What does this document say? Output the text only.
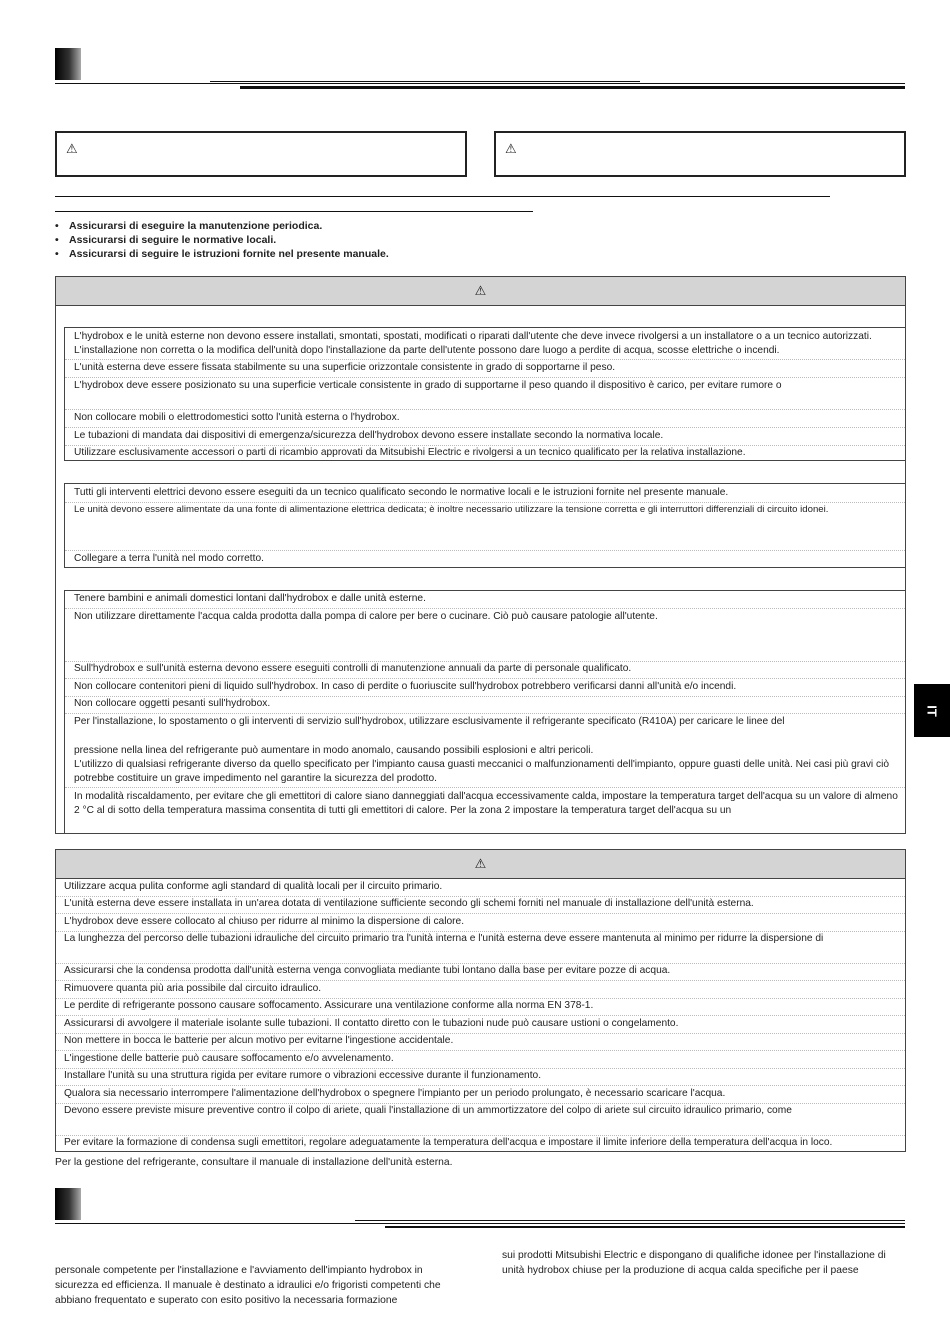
⚠	⚠
• Assicurarsi di eseguire la manutenzione periodica.
• Assicurarsi di seguire le normative locali.
• Assicurarsi di seguire le istruzioni fornite nel presente manuale.
⚠
L'hydrobox e le unità esterne non devono essere installati, smontati, spostati, modificati o riparati dall'utente che deve invece rivolgersi a un installatore o a un tecnico autorizzati. L'installazione non corretta o la modifica dell'unità dopo l'installazione da parte dell'utente possono dare luogo a perdite di acqua, scosse elettriche o incendi.
L'unità esterna deve essere fissata stabilmente su una superficie orizzontale consistente in grado di sopportarne il peso.
L'hydrobox deve essere posizionato su una superficie verticale consistente in grado di supportarne il peso quando il dispositivo è carico, per evitare rumore o
Non collocare mobili o elettrodomestici sotto l'unità esterna o l'hydrobox.
Le tubazioni di mandata dai dispositivi di emergenza/sicurezza dell'hydrobox devono essere installate secondo la normativa locale.
Utilizzare esclusivamente accessori o parti di ricambio approvati da Mitsubishi Electric e rivolgersi a un tecnico qualificato per la relativa installazione.
Tutti gli interventi elettrici devono essere eseguiti da un tecnico qualificato secondo le normative locali e le istruzioni fornite nel presente manuale.
Le unità devono essere alimentate da una fonte di alimentazione elettrica dedicata; è inoltre necessario utilizzare la tensione corretta e gli interruttori differenziali di circuito idonei.
Collegare a terra l'unità nel modo corretto.
Tenere bambini e animali domestici lontani dall'hydrobox e dalle unità esterne.
Non utilizzare direttamente l'acqua calda prodotta dalla pompa di calore per bere o cucinare. Ciò può causare patologie all'utente.
Sull'hydrobox e sull'unità esterna devono essere eseguiti controlli di manutenzione annuali da parte di personale qualificato.
Non collocare contenitori pieni di liquido sull'hydrobox. In caso di perdite o fuoriuscite sull'hydrobox potrebbero verificarsi danni all'unità e/o incendi.
Non collocare oggetti pesanti sull'hydrobox.
Per l'installazione, lo spostamento o gli interventi di servizio sull'hydrobox, utilizzare esclusivamente il refrigerante specificato (R410A) per caricare le linee del
pressione nella linea del refrigerante può aumentare in modo anomalo, causando possibili esplosioni e altri pericoli.
L'utilizzo di qualsiasi refrigerante diverso da quello specificato per l'impianto causa guasti meccanici o malfunzionamenti dell'impianto, oppure guasti delle unità. Nei casi più gravi ciò potrebbe costituire un grave impedimento nel garantire la sicurezza del prodotto.
In modalità riscaldamento, per evitare che gli emettitori di calore siano danneggiati dall'acqua eccessivamente calda, impostare la temperatura target dell'acqua su un valore di almeno 2 °C al di sotto della temperatura massima consentita di tutti gli emettitori di calore. Per la zona 2 impostare la temperatura target dell'acqua su un
Utilizzare acqua pulita conforme agli standard di qualità locali per il circuito primario.
L'unità esterna deve essere installata in un'area dotata di ventilazione sufficiente secondo gli schemi forniti nel manuale di installazione dell'unità esterna.
L'hydrobox deve essere collocato al chiuso per ridurre al minimo la dispersione di calore.
La lunghezza del percorso delle tubazioni idrauliche del circuito primario tra l'unità interna e l'unità esterna deve essere mantenuta al minimo per ridurre la dispersione di
Assicurarsi che la condensa prodotta dall'unità esterna venga convogliata mediante tubi lontano dalla base per evitare pozze di acqua.
Rimuovere quanta più aria possibile dal circuito idraulico.
Le perdite di refrigerante possono causare soffocamento. Assicurare una ventilazione conforme alla norma EN 378-1.
Assicurarsi di avvolgere il materiale isolante sulle tubazioni. Il contatto diretto con le tubazioni nude può causare ustioni o congelamento.
Non mettere in bocca le batterie per alcun motivo per evitarne l'ingestione accidentale.
L'ingestione delle batterie può causare soffocamento e/o avvelenamento.
Installare l'unità su una struttura rigida per evitare rumore o vibrazioni eccessive durante il funzionamento.
Qualora sia necessario interrompere l'alimentazione dell'hydrobox o spegnere l'impianto per un periodo prolungato, è necessario scaricare l'acqua.
Devono essere previste misure preventive contro il colpo di ariete, quali l'installazione di un ammortizzatore del colpo di ariete sul circuito idraulico primario, come
Per evitare la formazione di condensa sugli emettitori, regolare adeguatamente la temperatura dell'acqua e impostare il limite inferiore della temperatura dell'acqua in loco.
⚠
Per la gestione del refrigerante, consultare il manuale di installazione dell'unità esterna.
IT
personale competente per l'installazione e l'avviamento dell'impianto hydrobox in sicurezza ed efficienza. Il manuale è destinato a idraulici e/o frigoristi competenti che abbiano frequentato e superato con esito positivo la necessaria formazione
sui prodotti Mitsubishi Electric e dispongano di qualifiche idonee per l'installazione di unità hydrobox chiuse per la produzione di acqua calda specifiche per il paese
